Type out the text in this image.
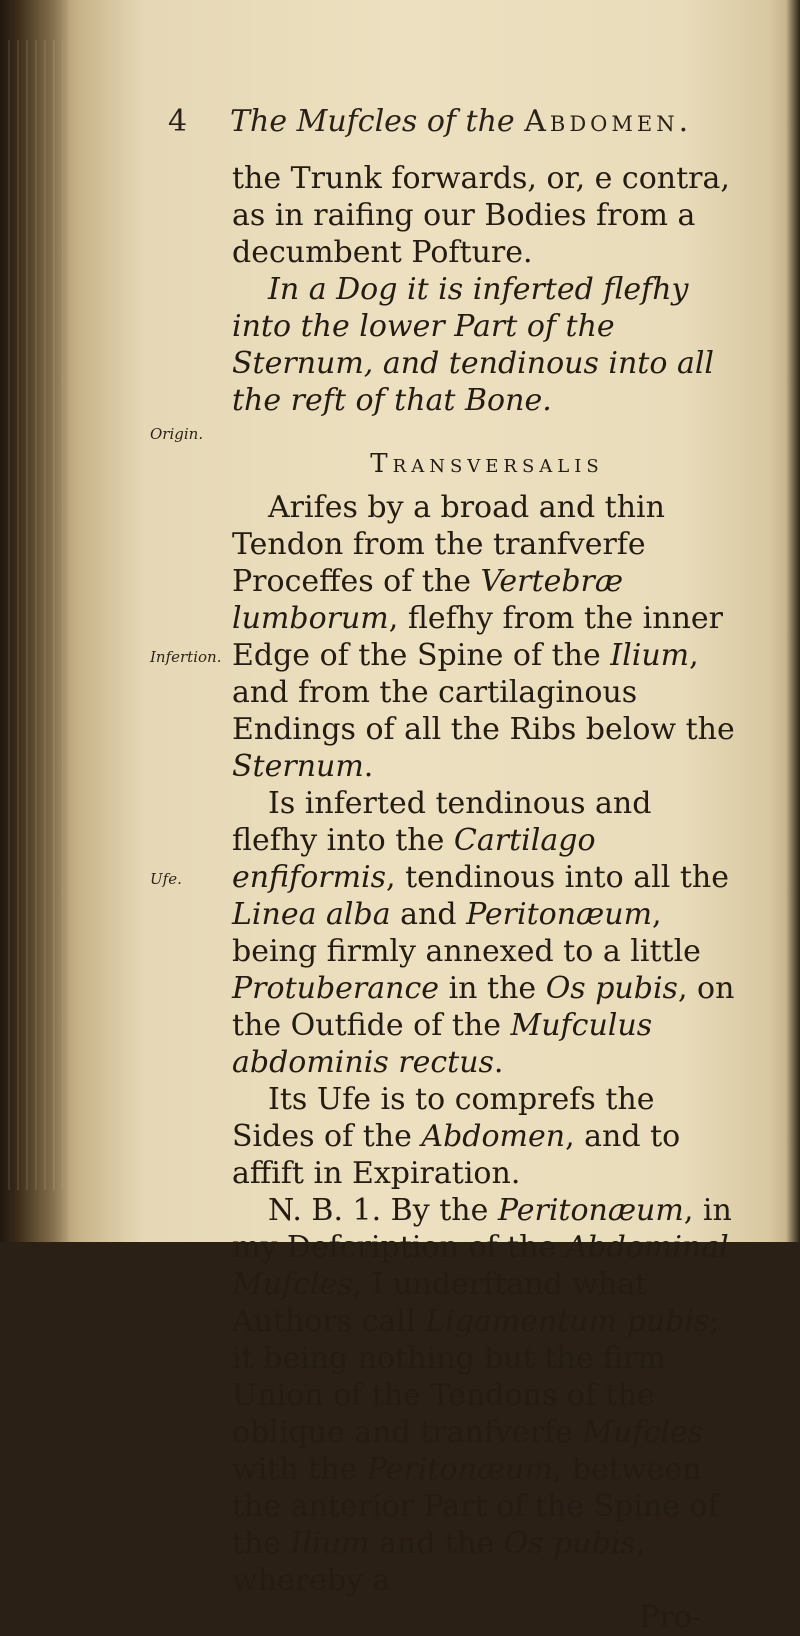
4 The Mufcles of the Abdomen.
Origin.
Infertion.
Ufe.

the Trunk forwards, or, e contra, as in raifing our Bodies from a decumbent Pofture.

In a Dog it is inferted flefhy into the lower Part of the Sternum, and tendinous into all the reft of that Bone.

Transversalis

Arifes by a broad and thin Tendon from the tranfverfe Proceffes of the Vertebræ lumborum, flefhy from the inner Edge of the Spine of the Ilium, and from the cartilaginous Endings of all the Ribs below the Sternum.

Is inferted tendinous and flefhy into the Cartilago enfiformis, tendinous into all the Linea alba and Peritonæum, being firmly annexed to a little Protuberance in the Os pubis, on the Outfide of the Mufculus abdominis rectus.

Its Ufe is to comprefs the Sides of the Abdomen, and to affift in Expiration.

N. B. 1. By the Peritonæum, in my Defcription of the Abdominal Mufcles, I underftand what Authors call Ligamentum pubis; it being nothing but the firm Union of the Tendons of the oblique and tranfverfe Mufcles with the Peritonæum, between the anterior Part of the Spine of the Ilium and the Os pubis, whereby a

Pro-
